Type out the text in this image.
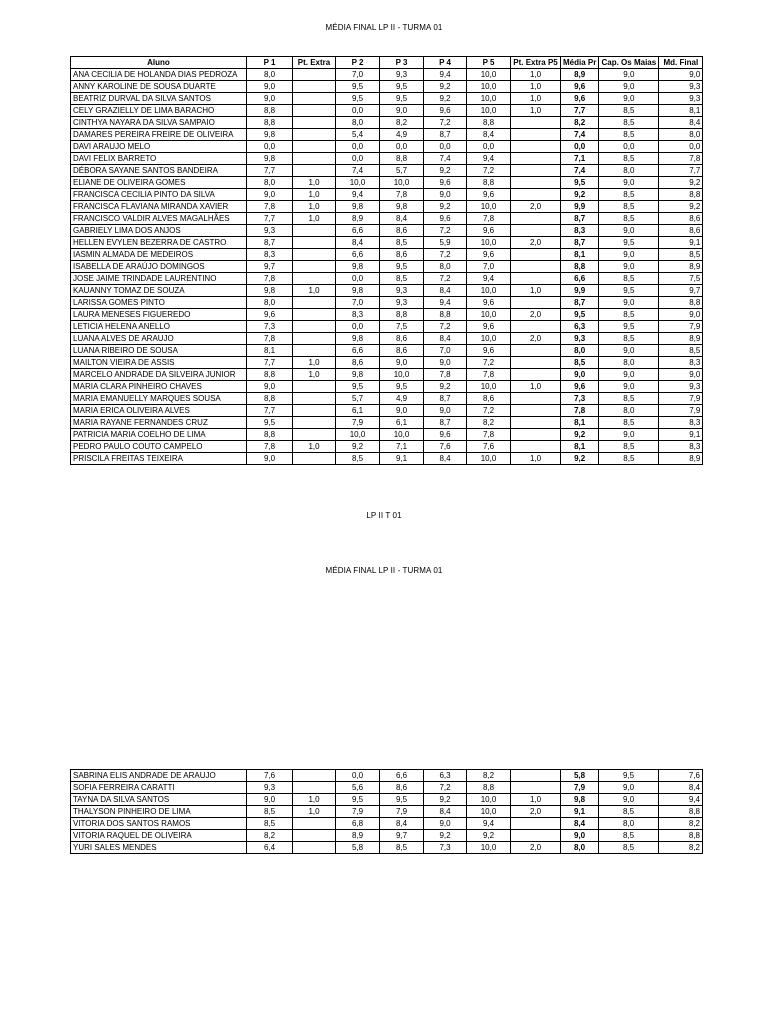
MÉDIA FINAL LP II - TURMA 01
Aluno	P 1	Pt. Extra	P 2	P 3	P 4	P 5	Pt. Extra P5	Média Pr	Cap. Os Maias	Md. Final
ANA CECILIA DE HOLANDA DIAS PEDROZA	8,0		7,0	9,3	9,4	10,0	1,0	8,9	9,0	9,0
ANNY KAROLINE DE SOUSA DUARTE	9,0		9,5	9,5	9,2	10,0	1,0	9,6	9,0	9,3
BEATRIZ DURVAL DA SILVA SANTOS	9,0		9,5	9,5	9,2	10,0	1,0	9,6	9,0	9,3
CELY GRAZIELLY DE LIMA BARACHO	8,8		0,0	9,0	9,6	10,0	1,0	7,7	8,5	8,1
CINTHYA NAYARA DA SILVA SAMPAIO	8,8		8,0	8,2	7,2	8,8		8,2	8,5	8,4
DAMARES PEREIRA FREIRE DE OLIVEIRA	9,8		5,4	4,9	8,7	8,4		7,4	8,5	8,0
DAVI ARAUJO MELO	0,0		0,0	0,0	0,0	0,0		0,0	0,0	0,0
DAVI FELIX BARRETO	9,8		0,0	8,8	7,4	9,4		7,1	8,5	7,8
DÉBORA SAYANE SANTOS BANDEIRA	7,7		7,4	5,7	9,2	7,2		7,4	8,0	7,7
ELIANE DE OLIVEIRA GOMES	8,0	1,0	10,0	10,0	9,6	8,8		9,5	9,0	9,2
FRANCISCA CECILIA PINTO DA SILVA	9,0	1,0	9,4	7,8	9,0	9,6		9,2	8,5	8,8
FRANCISCA FLAVIANA MIRANDA XAVIER	7,8	1,0	9,8	9,8	9,2	10,0	2,0	9,9	8,5	9,2
FRANCISCO VALDIR ALVES MAGALHÃES	7,7	1,0	8,9	8,4	9,6	7,8		8,7	8,5	8,6
GABRIELY LIMA DOS ANJOS	9,3		6,6	8,6	7,2	9,6		8,3	9,0	8,6
HELLEN EVYLEN BEZERRA DE CASTRO	8,7		8,4	8,5	5,9	10,0	2,0	8,7	9,5	9,1
IASMIN ALMADA DE MEDEIROS	8,3		6,6	8,6	7,2	9,6		8,1	9,0	8,5
ISABELLA DE ARAÚJO DOMINGOS	9,7		9,8	9,5	8,0	7,0		8,8	9,0	8,9
JOSE JAIME TRINDADE LAURENTINO	7,8		0,0	8,5	7,2	9,4		6,6	8,5	7,5
KAUANNY TOMAZ DE SOUZA	9,8	1,0	9,8	9,3	8,4	10,0	1,0	9,9	9,5	9,7
LARISSA GOMES PINTO	8,0		7,0	9,3	9,4	9,6		8,7	9,0	8,8
LAURA MENESES FIGUEREDO	9,6		8,3	8,8	8,8	10,0	2,0	9,5	8,5	9,0
LETICIA HELENA ANELLO	7,3		0,0	7,5	7,2	9,6		6,3	9,5	7,9
LUANA ALVES DE ARAUJO	7,8		9,8	8,6	8,4	10,0	2,0	9,3	8,5	8,9
LUANA RIBEIRO DE SOUSA	8,1		6,6	8,6	7,0	9,6		8,0	9,0	8,5
MAILTON VIEIRA DE ASSIS	7,7	1,0	8,6	9,0	9,0	7,2		8,5	8,0	8,3
MARCELO ANDRADE DA SILVEIRA JUNIOR	8,8	1,0	9,8	10,0	7,8	7,8		9,0	9,0	9,0
MARIA CLARA PINHEIRO CHAVES	9,0		9,5	9,5	9,2	10,0	1,0	9,6	9,0	9,3
MARIA EMANUELLY MARQUES SOUSA	8,8		5,7	4,9	8,7	8,6		7,3	8,5	7,9
MARIA ERICA OLIVEIRA ALVES	7,7		6,1	9,0	9,0	7,2		7,8	8,0	7,9
MARIA RAYANE FERNANDES CRUZ	9,5		7,9	6,1	8,7	8,2		8,1	8,5	8,3
PATRICIA MARIA COELHO DE LIMA	8,8		10,0	10,0	9,6	7,8		9,2	9,0	9,1
PEDRO PAULO COUTO CAMPELO	7,8	1,0	9,2	7,1	7,6	7,6		8,1	8,5	8,3
PRISCILA FREITAS TEIXEIRA	9,0		8,5	9,1	8,4	10,0	1,0	9,2	8,5	8,9
LP II T 01
MÉDIA FINAL LP II - TURMA 01
SABRINA ELIS ANDRADE DE ARAUJO	7,6		0,0	6,6	6,3	8,2		5,8	9,5	7,6
SOFIA FERREIRA CARATTI	9,3		5,6	8,6	7,2	8,8		7,9	9,0	8,4
TAYNA DA SILVA SANTOS	9,0	1,0	9,5	9,5	9,2	10,0	1,0	9,8	9,0	9,4
THALYSON PINHEIRO DE LIMA	8,5	1,0	7,9	7,9	8,4	10,0	2,0	9,1	8,5	8,8
VITORIA DOS SANTOS RAMOS	8,5		6,8	8,4	9,0	9,4		8,4	8,0	8,2
VITORIA RAQUEL DE OLIVEIRA	8,2		8,9	9,7	9,2	9,2		9,0	8,5	8,8
YURI SALES MENDES	6,4		5,8	8,5	7,3	10,0	2,0	8,0	8,5	8,2
